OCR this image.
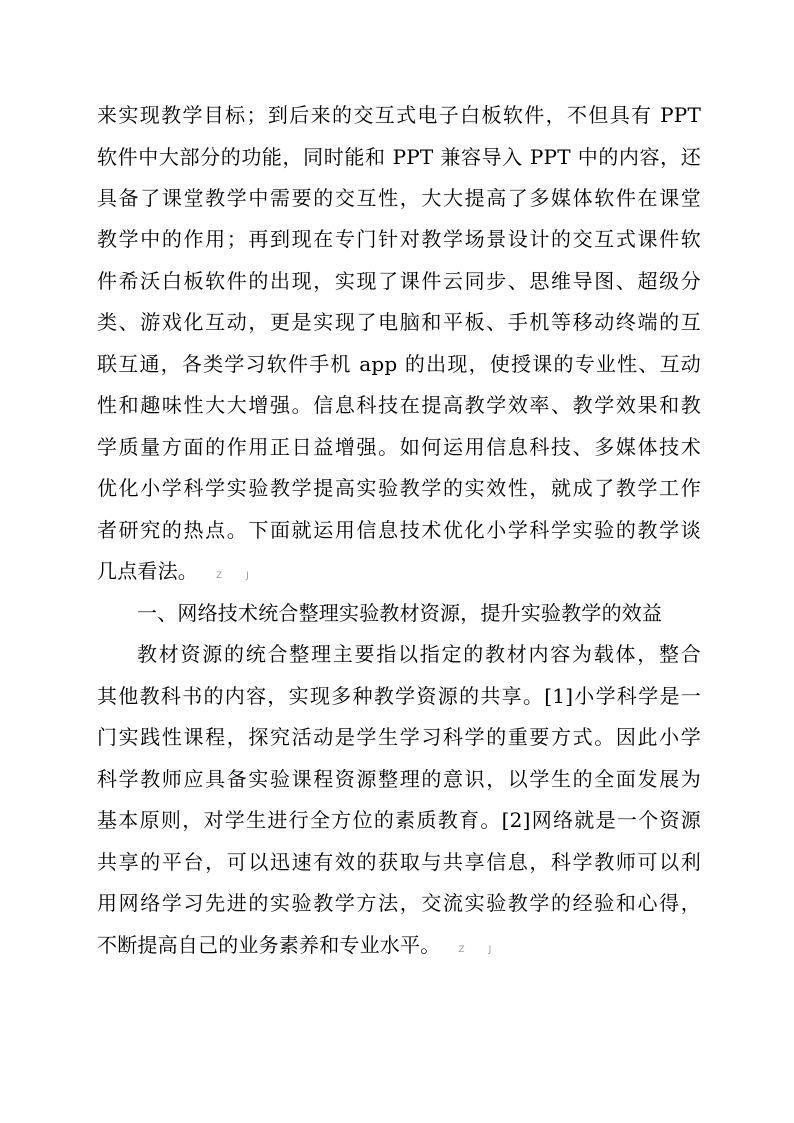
来实现教学目标；到后来的交互式电子白板软件，不但具有 PPT
软件中大部分的功能，同时能和 PPT 兼容导入 PPT 中的内容，还
具备了课堂教学中需要的交互性，大大提高了多媒体软件在课堂
教学中的作用；再到现在专门针对教学场景设计的交互式课件软
件希沃白板软件的出现，实现了课件云同步、思维导图、超级分
类、游戏化互动，更是实现了电脑和平板、手机等移动终端的互
联互通，各类学习软件手机 app 的出现，使授课的专业性、互动
性和趣味性大大增强。信息科技在提高教学效率、教学效果和教
学质量方面的作用正日益增强。如何运用信息科技、多媒体技术
优化小学科学实验教学提高实验教学的实效性，就成了教学工作
者研究的热点。下面就运用信息技术优化小学科学实验的教学谈
几点看法。 Z	J
一、网络技术统合整理实验教材资源，提升实验教学的效益
教材资源的统合整理主要指以指定的教材内容为载体，整合
其他教科书的内容，实现多种教学资源的共享。[1]小学科学是一
门实践性课程，探究活动是学生学习科学的重要方式。因此小学
科学教师应具备实验课程资源整理的意识，以学生的全面发展为
基本原则，对学生进行全方位的素质教育。[2]网络就是一个资源
共享的平台，可以迅速有效的获取与共享信息，科学教师可以利
用网络学习先进的实验教学方法，交流实验教学的经验和心得，
不断提高自己的业务素养和专业水平。 Z	J
